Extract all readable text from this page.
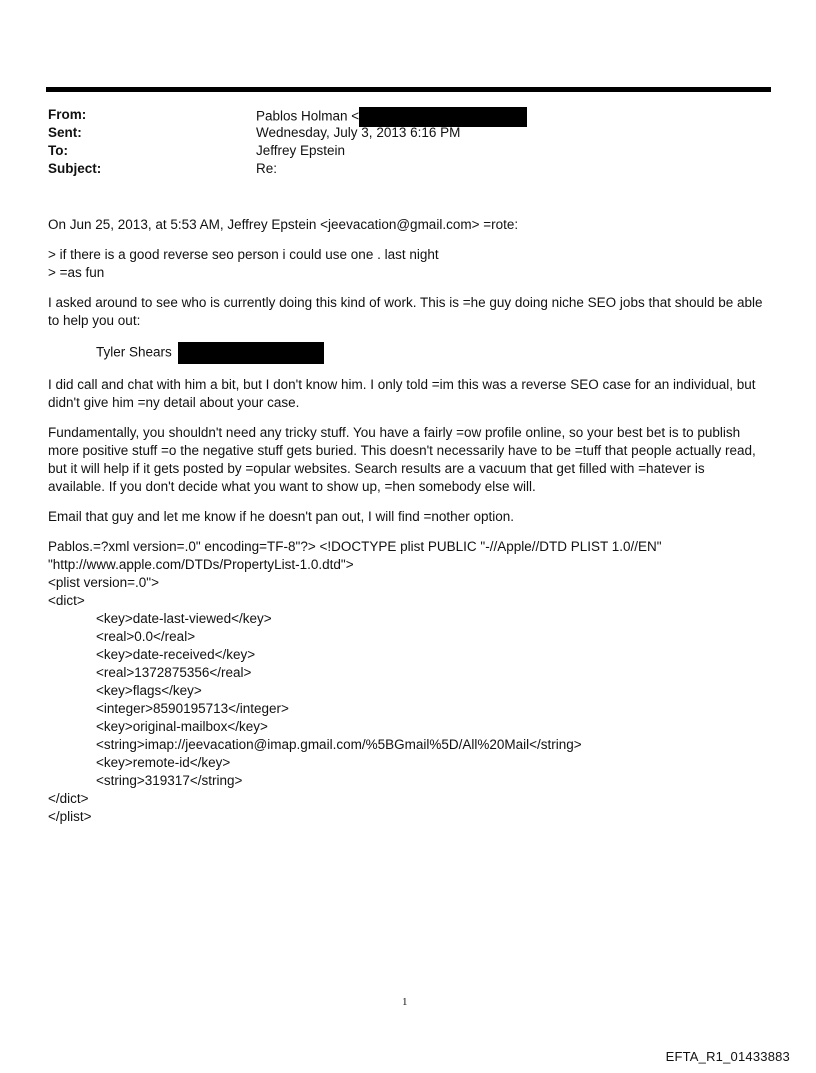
From:	Pablos Holman <
Sent:	Wednesday, July 3, 2013 6:16 PM
To:	Jeffrey Epstein
Subject:	Re:

On Jun 25, 2013, at 5:53 AM, Jeffrey Epstein <jeevacation@gmail.com> =rote:

> if there is a good reverse seo person i could use one . last night

> =as fun

I asked around to see who is currently doing this kind of work. This is =he guy doing niche SEO jobs that should be able

to help you out:

Tyler Shears

I did call and chat with him a bit, but I don't know him. I only told =im this was a reverse SEO case for an individual, but

didn't give him =ny detail about your case.

Fundamentally, you shouldn't need any tricky stuff. You have a fairly =ow profile online, so your best bet is to publish

more positive stuff =o the negative stuff gets buried. This doesn't necessarily have to be =tuff that people actually read,

but it will help if it gets posted by =opular websites. Search results are a vacuum that get filled with =hatever is

available. If you don't decide what you want to show up, =hen somebody else will.

Email that guy and let me know if he doesn't pan out, I will find =nother option.

Pablos.=?xml version=.0" encoding=TF-8"?> <!DOCTYPE plist PUBLIC "-//Apple//DTD PLIST 1.0//EN"

"http://www.apple.com/DTDs/PropertyList-1.0.dtd">

<plist version=.0">

<dict>

<key>date-last-viewed</key>

<real>0.0</real>

<key>date-received</key>

<real>1372875356</real>

<key>flags</key>

<integer>8590195713</integer>

<key>original-mailbox</key>

<string>imap://jeevacation@imap.gmail.com/%5BGmail%5D/All%20Mail</string>

<key>remote-id</key>

<string>319317</string>

</dict>

</plist>

1
EFTA_R1_01433883
